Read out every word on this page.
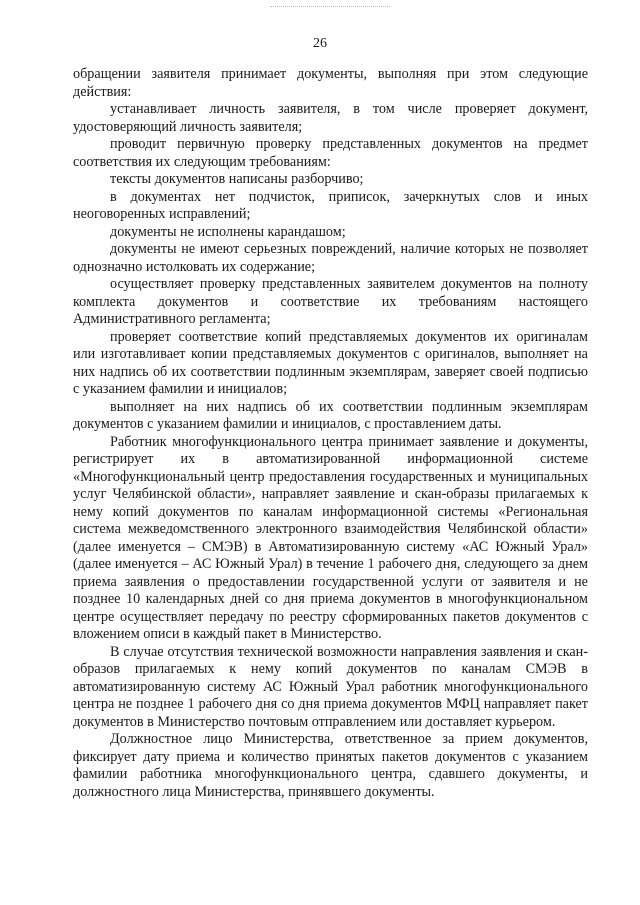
26

обращении заявителя принимает документы, выполняя при этом следующие действия:

устанавливает личность заявителя, в том числе проверяет документ, удостоверяющий личность заявителя;

проводит первичную проверку представленных документов на предмет соответствия их следующим требованиям:

тексты документов написаны разборчиво;

в документах нет подчисток, приписок, зачеркнутых слов и иных неоговоренных исправлений;

документы не исполнены карандашом;

документы не имеют серьезных повреждений, наличие которых не позволяет однозначно истолковать их содержание;

осуществляет проверку представленных заявителем документов на полноту комплекта документов и соответствие их требованиям настоящего Административного регламента;

проверяет соответствие копий представляемых документов их оригиналам или изготавливает копии представляемых документов с оригиналов, выполняет на них надпись об их соответствии подлинным экземплярам, заверяет своей подписью с указанием фамилии и инициалов;

выполняет на них надпись об их соответствии подлинным экземплярам документов с указанием фамилии и инициалов, с проставлением даты.

Работник многофункционального центра принимает заявление и документы, регистрирует их в автоматизированной информационной системе «Многофункциональный центр предоставления государственных и муниципальных услуг Челябинской области», направляет заявление и скан-образы прилагаемых к нему копий документов по каналам информационной системы «Региональная система межведомственного электронного взаимодействия Челябинской области» (далее именуется – СМЭВ) в Автоматизированную систему «АС Южный Урал» (далее именуется – АС Южный Урал) в течение 1 рабочего дня, следующего за днем приема заявления о предоставлении государственной услуги от заявителя и не позднее 10 календарных дней со дня приема документов в многофункциональном центре осуществляет передачу по реестру сформированных пакетов документов с вложением описи в каждый пакет в Министерство.

В случае отсутствия технической возможности направления заявления и скан-образов прилагаемых к нему копий документов по каналам СМЭВ в автоматизированную систему АС Южный Урал работник многофункционального центра не позднее 1 рабочего дня со дня приема документов МФЦ направляет пакет документов в Министерство почтовым отправлением или доставляет курьером.

Должностное лицо Министерства, ответственное за прием документов, фиксирует дату приема и количество принятых пакетов документов с указанием фамилии работника многофункционального центра, сдавшего документы, и должностного лица Министерства, принявшего документы.
